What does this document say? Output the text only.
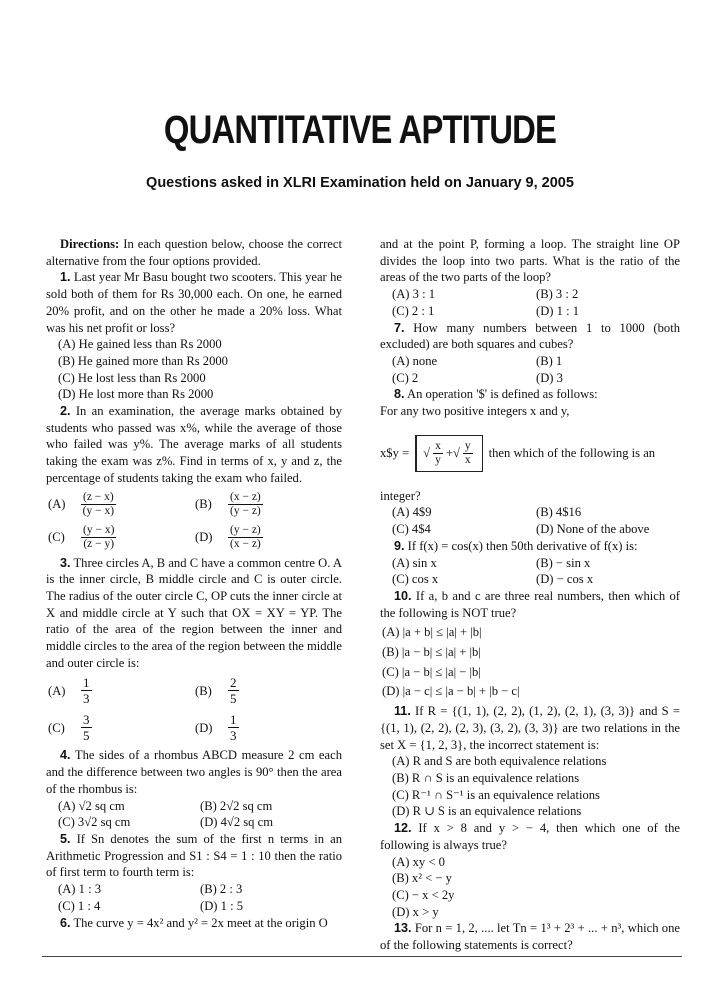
QUANTITATIVE APTITUDE
Questions asked in XLRI Examination held on January 9, 2005

Directions: In each question below, choose the correct alternative from the four options provided.

1. Last year Mr Basu bought two scooters. This year he sold both of them for Rs 30,000 each. On one, he earned 20% profit, and on the other he made a 20% loss. What was his net profit or loss?

(A) He gained less than Rs 2000
(B) He gained more than Rs 2000
(C) He lost less than Rs 2000
(D) He lost more than Rs 2000

2. In an examination, the average marks obtained by students who passed was x%, while the average of those who failed was y%. The average marks of all students taking the exam was z%. Find in terms of x, y and z, the percentage of students taking the exam who failed.

(A)	$\frac{(z - x)}{(y - x)}$	(B)	$\frac{(x - z)}{(y - z)}$
(C)	$\frac{(y - x)}{(z - y)}$	(D)	$\frac{(y - z)}{(x - z)}$

3. Three circles A, B and C have a common centre O. A is the inner circle, B middle circle and C is outer circle. The radius of the outer circle C, OP cuts the inner circle at X and middle circle at Y such that OX = XY = YP. The ratio of the area of the region between the inner and middle circles to the area of the region between the middle and outer circle is:

(A)	$\frac{1}{3}$	(B)	$\frac{2}{5}$
(C)	$\frac{3}{5}$	(D)	$\frac{1}{3}$

4. The sides of a rhombus ABCD measure 2 cm each and the difference between two angles is 90° then the area of the rhombus is:

(A) √2 sq cm	(B) 2√2 sq cm
(C) 3√2 sq cm	(D) 4√2 sq cm

5. If Sn denotes the sum of the first n terms in an Arithmetic Progression and S1 : S4 = 1 : 10 then the ratio of first term to fourth term is:

(A) 1 : 3	(B) 2 : 3
(C) 1 : 4	(D) 1 : 5

6. The curve y = 4x² and y² = 2x meet at the origin O

and at the point P, forming a loop. The straight line OP divides the loop into two parts. What is the ratio of the areas of the two parts of the loop?

(A) 3 : 1	(B) 3 : 2
(C) 2 : 1	(D) 1 : 1

7. How many numbers between 1 to 1000 (both excluded) are both squares and cubes?

(A) none	(B) 1
(C) 2	(D) 3

8. An operation '$' is defined as follows:

For any two positive integers x and y,

x$y = √ $\frac{x}{y}$ + √ $\frac{y}{x}$ then which of the following is an

integer?

(A) 4$9	(B) 4$16
(C) 4$4	(D) None of the above

9. If f(x) = cos(x) then 50th derivative of f(x) is:

(A) sin x	(B) − sin x
(C) cos x	(D) − cos x

10. If a, b and c are three real numbers, then which of the following is NOT true?

(A) |a + b| ≤ |a| + |b|
(B) |a − b| ≤ |a| + |b|
(C) |a − b| ≤ |a| − |b|
(D) |a − c| ≤ |a − b| + |b − c|

11. If R = {(1, 1), (2, 2), (1, 2), (2, 1), (3, 3)} and S = {(1, 1), (2, 2), (2, 3), (3, 2), (3, 3)} are two relations in the set X = {1, 2, 3}, the incorrect statement is:

(A) R and S are both equivalence relations
(B) R ∩ S is an equivalence relations
(C) R⁻¹ ∩ S⁻¹ is an equivalence relations
(D) R ∪ S is an equivalence relations

12. If x > 8 and y > − 4, then which one of the following is always true?

(A) xy < 0
(B) x² < − y
(C) − x < 2y
(D) x > y

13. For n = 1, 2, .... let Tn = 1³ + 2³ + ... + n³, which one of the following statements is correct?
